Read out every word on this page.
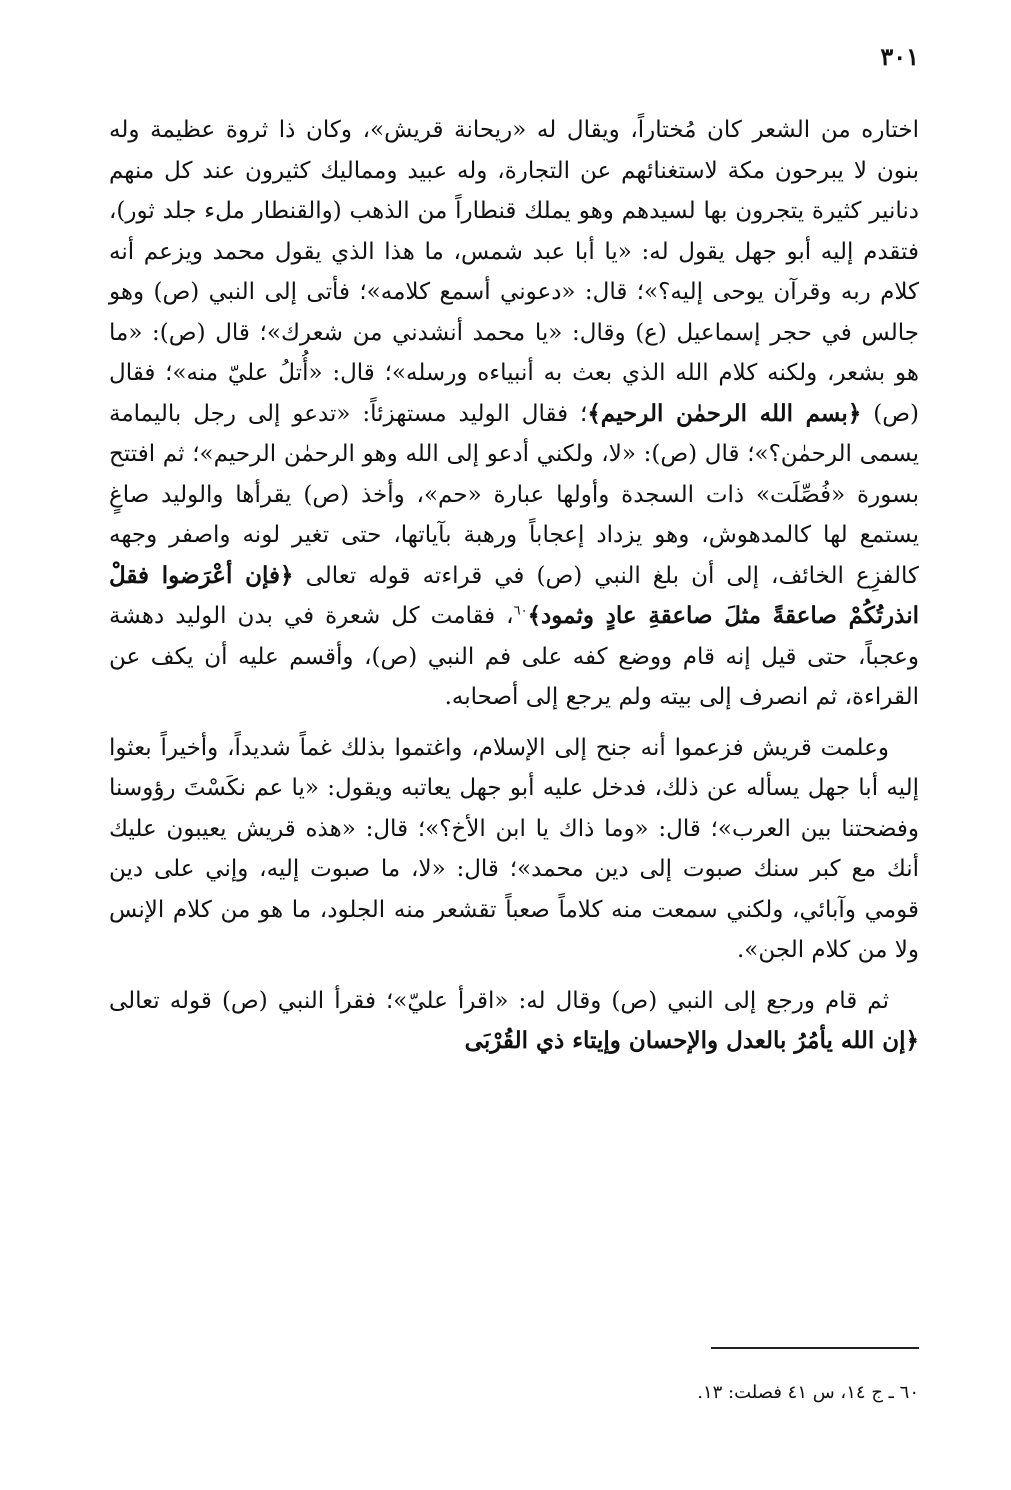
٣٠١

اختاره من الشعر كان مُختاراً، ويقال له «ريحانة قريش»، وكان ذا ثروة عظيمة وله بنون لا يبرحون مكة لاستغنائهم عن التجارة، وله عبيد ومماليك كثيرون عند كل منهم دنانير كثيرة يتجرون بها لسيدهم وهو يملك قنطاراً من الذهب (والقنطار ملء جلد ثور)، فتقدم إليه أبو جهل يقول له: «يا أبا عبد شمس، ما هذا الذي يقول محمد ويزعم أنه كلام ربه وقرآن يوحى إليه؟»؛ قال: «دعوني أسمع كلامه»؛ فأتى إلى النبي (ص) وهو جالس في حجر إسماعيل (ع) وقال: «يا محمد أنشدني من شعرك»؛ قال (ص): «ما هو بشعر، ولكنه كلام الله الذي بعث به أنبياءه ورسله»؛ قال: «أُتلُ عليّ منه»؛ فقال (ص) ﴿بسم الله الرحمٰن الرحيم﴾؛ فقال الوليد مستهزئاً: «تدعو إلى رجل باليمامة يسمى الرحمٰن؟»؛ قال (ص): «لا، ولكني أدعو إلى الله وهو الرحمٰن الرحيم»؛ ثم افتتح بسورة «فُصِّلَت» ذات السجدة وأولها عبارة «حم»، وأخذ (ص) يقرأها والوليد صاغٍ يستمع لها كالمدهوش، وهو يزداد إعجاباً ورهبة بآياتها، حتى تغير لونه واصفر وجهه كالفزِع الخائف، إلى أن بلغ النبي (ص) في قراءته قوله تعالى ﴿فإن أعْرَضوا فقلْ انذرتُكُمْ صاعقةً مثلَ صاعقةِ عادٍ وثمود﴾$^{٦٠}$، فقامت كل شعرة في بدن الوليد دهشة وعجباً، حتى قيل إنه قام ووضع كفه على فم النبي (ص)، وأقسم عليه أن يكف عن القراءة، ثم انصرف إلى بيته ولم يرجع إلى أصحابه.

وعلمت قريش فزعموا أنه جنح إلى الإسلام، واغتموا بذلك غماً شديداً، وأخيراً بعثوا إليه أبا جهل يسأله عن ذلك، فدخل عليه أبو جهل يعاتبه ويقول: «يا عم نكَسْتَ رؤوسنا وفضحتنا بين العرب»؛ قال: «وما ذاك يا ابن الأخ؟»؛ قال: «هذه قريش يعيبون عليك أنك مع كبر سنك صبوت إلى دين محمد»؛ قال: «لا، ما صبوت إليه، وإني على دين قومي وآبائي، ولكني سمعت منه كلاماً صعباً تقشعر منه الجلود، ما هو من كلام الإنس ولا من كلام الجن».

ثم قام ورجع إلى النبي (ص) وقال له: «اقرأ عليّ»؛ فقرأ النبي (ص) قوله تعالى ﴿إن الله يأمُرُ بالعدل والإحسان وإيتاء ذي القُرْبَى

٦٠ ـ ج ١٤، س ٤١ فصلت: ١٣.
